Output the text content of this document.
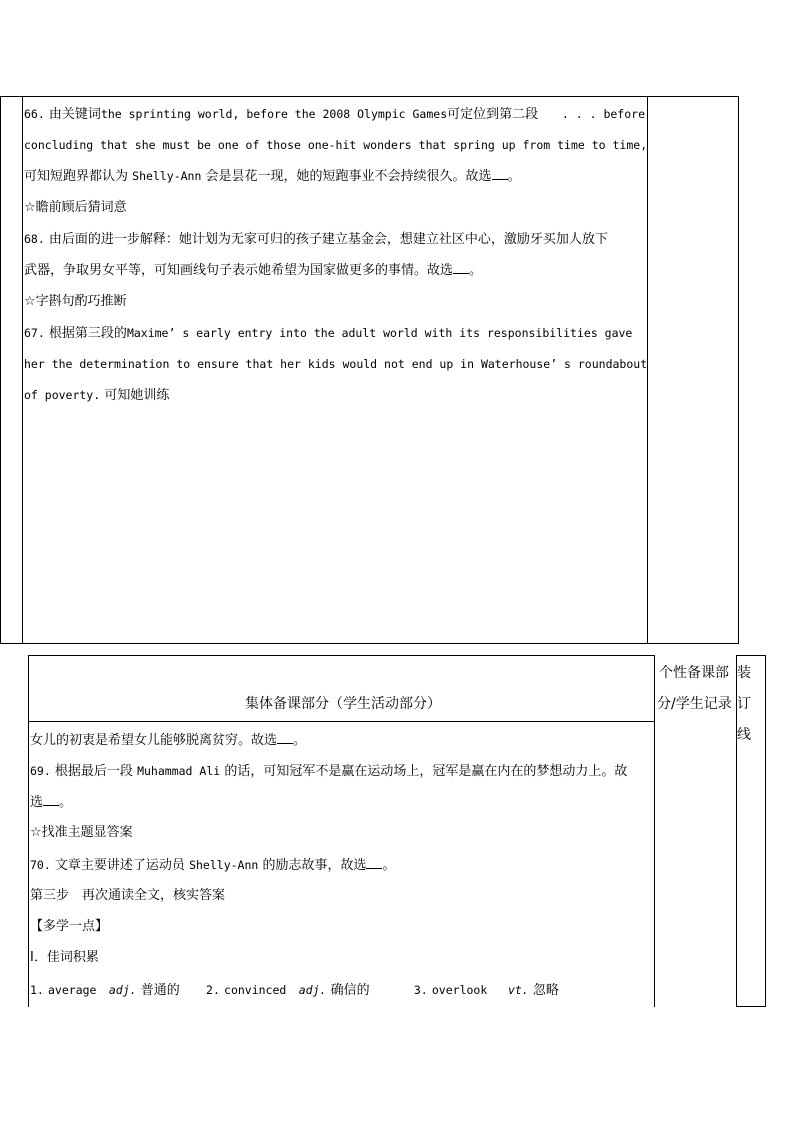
66. 由关键词the sprinting world, before the 2008 Olympic Games可定位到第二段 . . . before
concluding that she must be one of those one-hit wonders that spring up from time to time,
可知短跑界都认为 Shelly-Ann 会是昙花一现，她的短跑事业不会持续很久。故选 。
☆瞻前顾后猜词意
68. 由后面的进一步解释：她计划为无家可归的孩子建立基金会，想建立社区中心，激励牙买加人放下
武器，争取男女平等，可知画线句子表示她希望为国家做更多的事情。故选 。
☆字斟句酌巧推断
67. 根据第三段的Maxime’ s early entry into the adult world with its responsibilities gave
her the determination to ensure that her kids would not end up in Waterhouse’ s roundabout
of poverty. 可知她训练
集体备课部分（学生活动部分）
个性备课部
分/学生记录
装
订
线
女儿的初衷是希望女儿能够脱离贫穷。故选 。
69. 根据最后一段 Muhammad Ali 的话，可知冠军不是赢在运动场上，冠军是赢在内在的梦想动力上。故
选 。
☆找准主题显答案
70. 文章主要讲述了运动员 Shelly-Ann 的励志故事，故选 。
第三步　再次通读全文，核实答案
【多学一点】
Ⅰ．佳词积累
1. average adj. 普通的 2. convinced adj. 确信的	3. overlook vt. 忽略
